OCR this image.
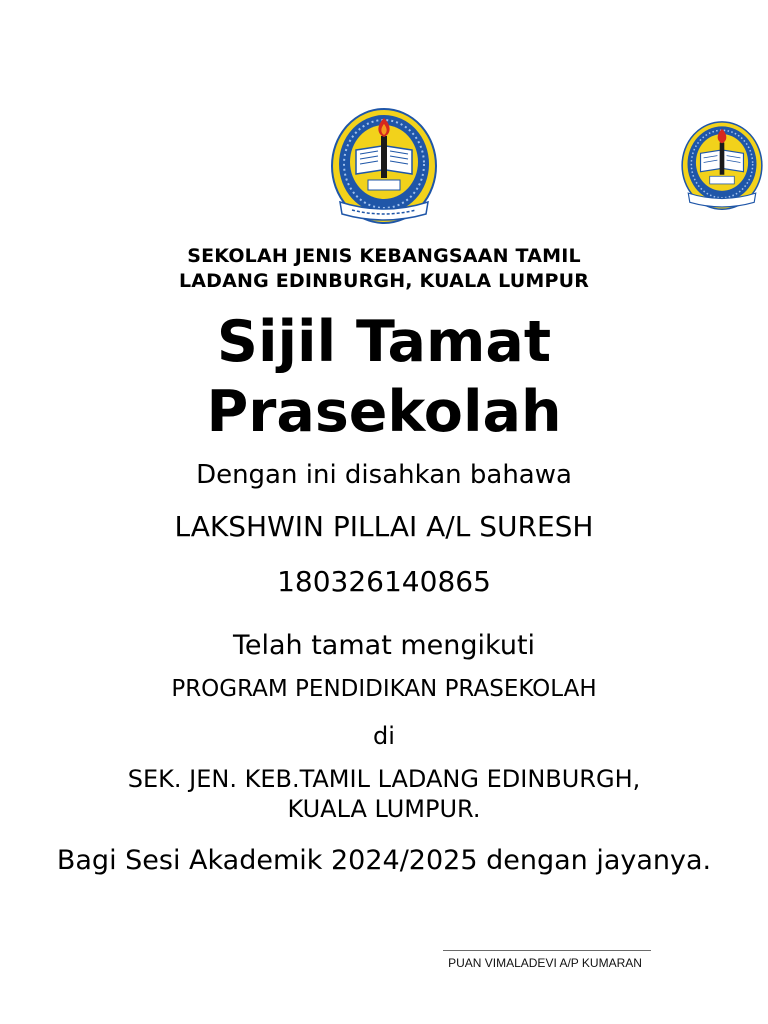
SEKOLAH JENIS KEBANGSAAN TAMIL
LADANG EDINBURGH, KUALA LUMPUR
Sijil Tamat
Prasekolah
Dengan ini disahkan bahawa
LAKSHWIN PILLAI A/L SURESH
180326140865
Telah tamat mengikuti
PROGRAM PENDIDIKAN PRASEKOLAH
di
SEK. JEN. KEB.TAMIL LADANG EDINBURGH,
KUALA LUMPUR.
Bagi Sesi Akademik 2024/2025 dengan jayanya.
PUAN VIMALADEVI A/P KUMARAN
